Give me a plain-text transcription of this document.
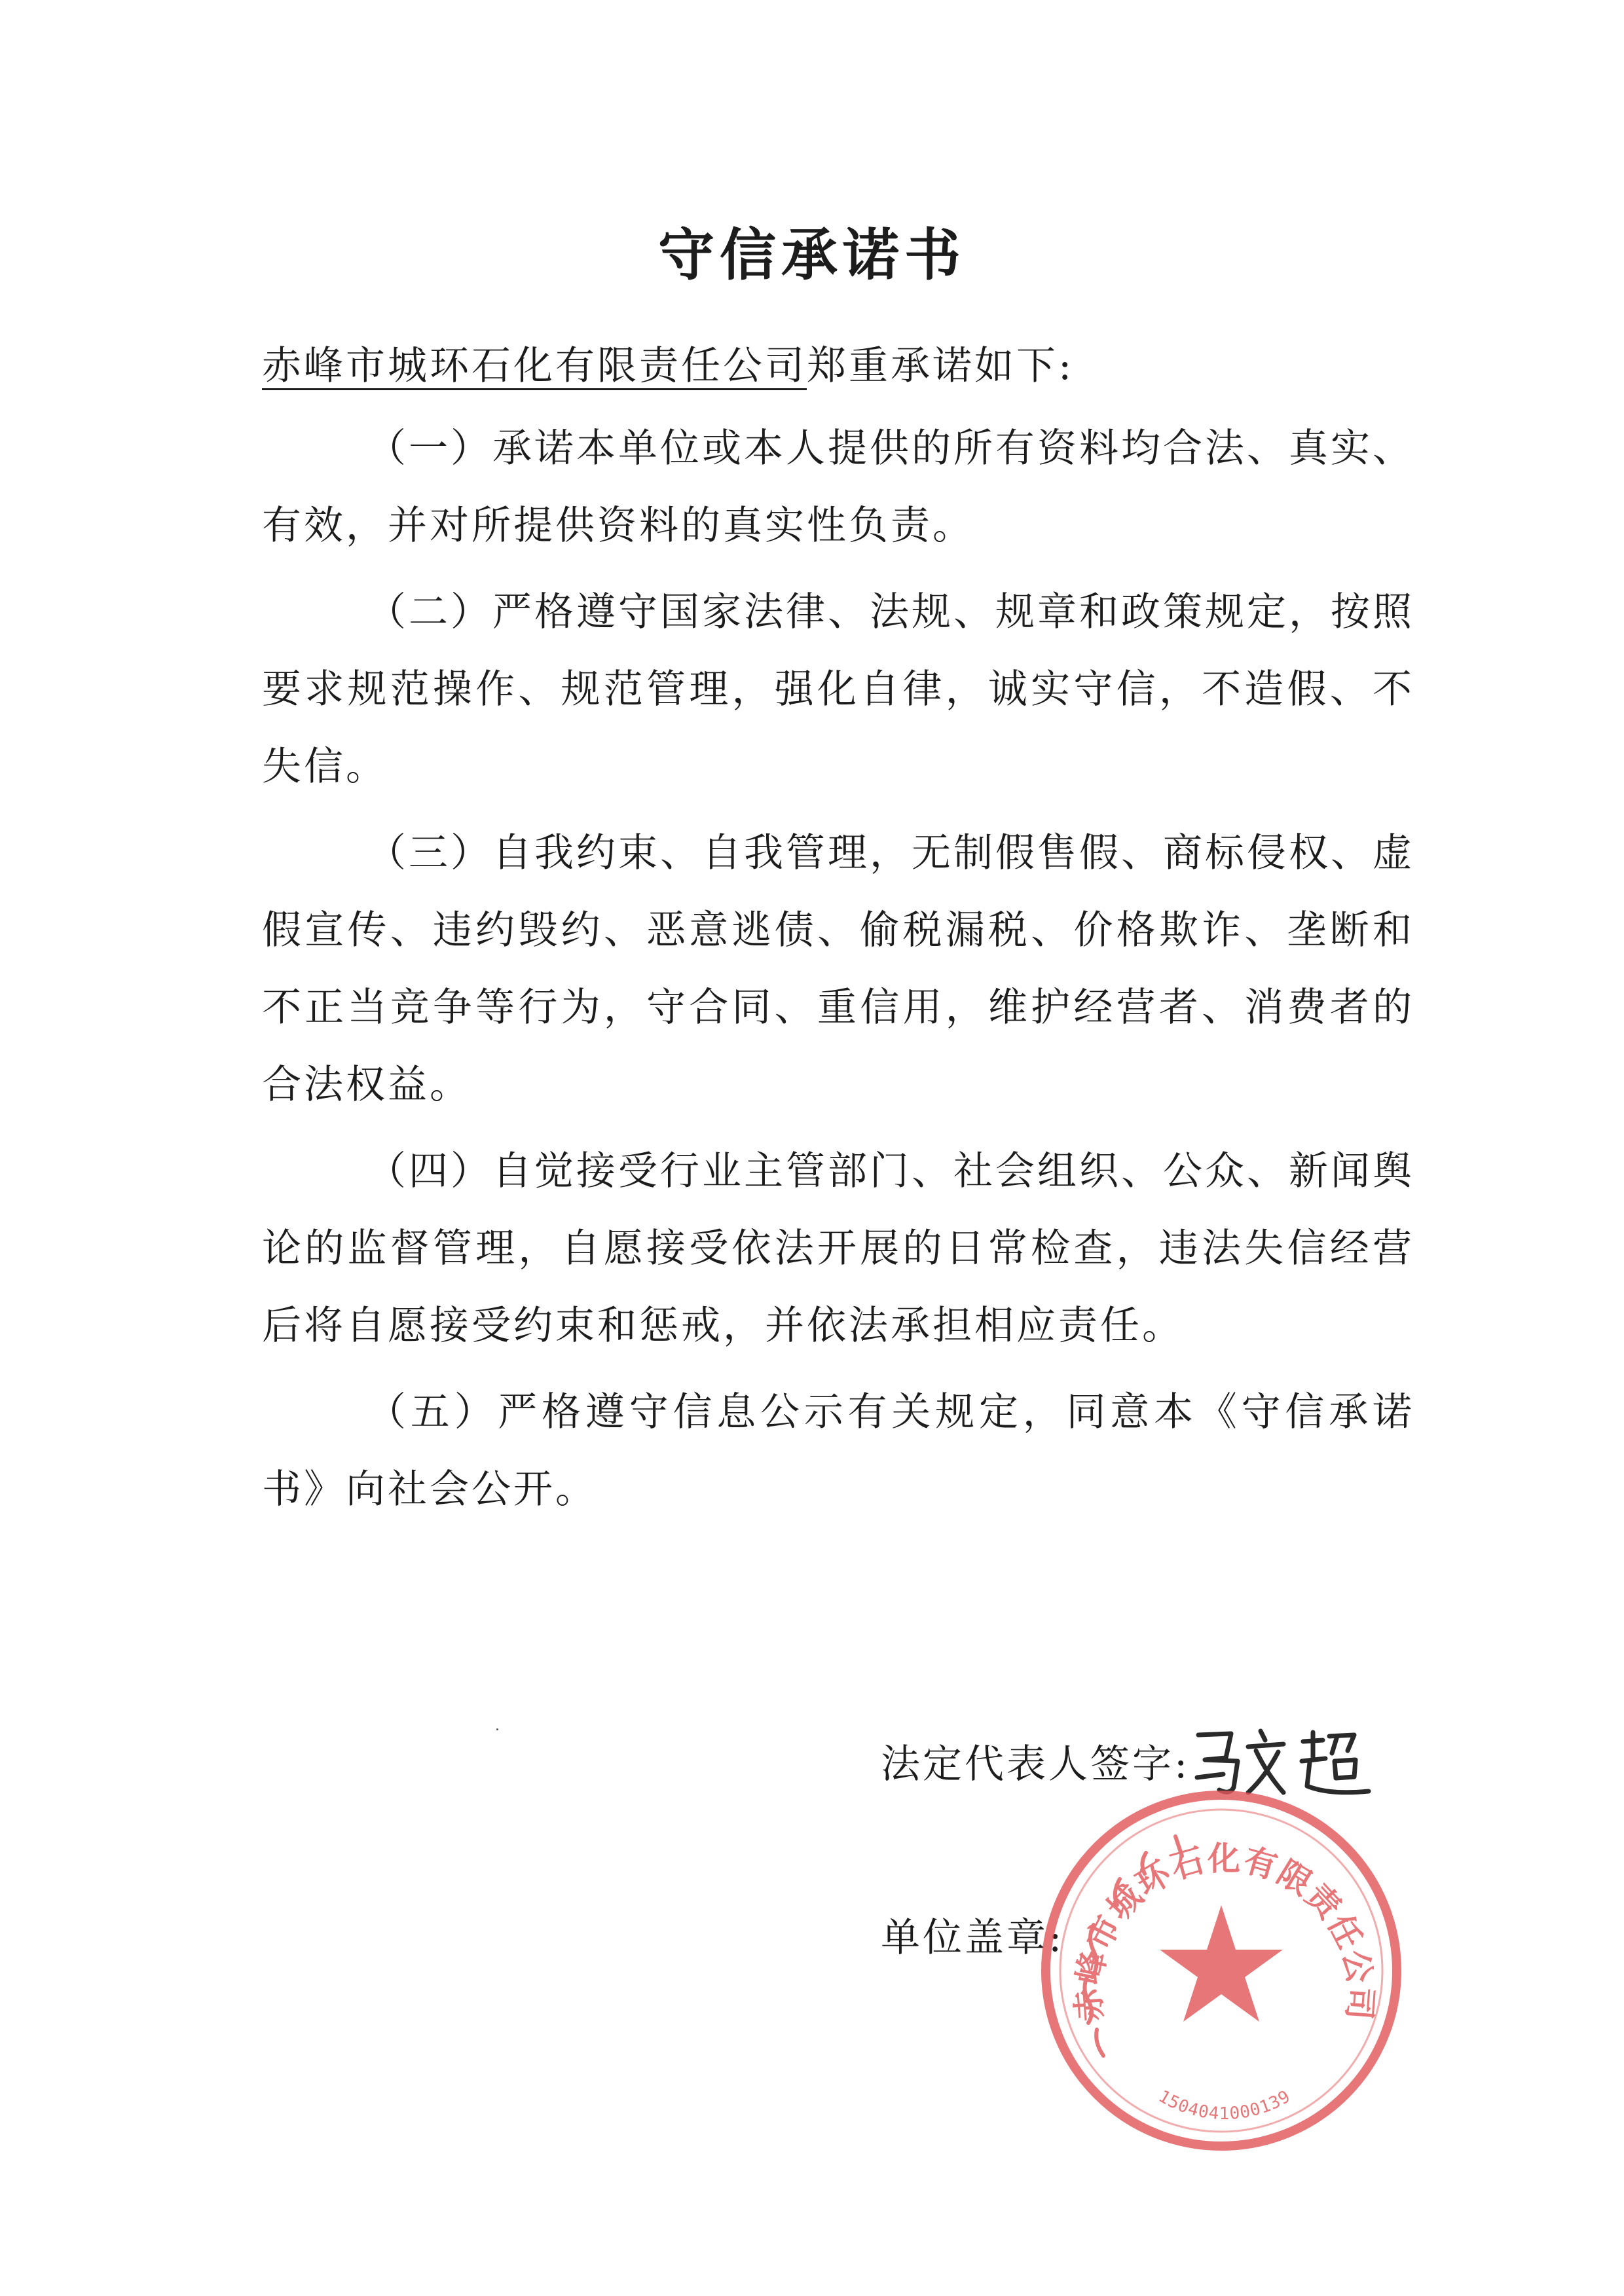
守信承诺书

赤峰市城环石化有限责任公司郑重承诺如下:

（一）承诺本单位或本人提供的所有资料均合法、真实、有效，并对所提供资料的真实性负责。

（二）严格遵守国家法律、法规、规章和政策规定，按照要求规范操作、规范管理，强化自律，诚实守信，不造假、不失信。

（三）自我约束、自我管理，无制假售假、商标侵权、虚假宣传、违约毁约、恶意逃债、偷税漏税、价格欺诈、垄断和不正当竞争等行为，守合同、重信用，维护经营者、消费者的合法权益。

（四）自觉接受行业主管部门、社会组织、公众、新闻舆论的监督管理，自愿接受依法开展的日常检查，违法失信经营后将自愿接受约束和惩戒，并依法承担相应责任。

（五）严格遵守信息公示有关规定，同意本《守信承诺书》向社会公开。

法定代表人签字:
单位盖章:
赤峰市城环石化有限责任公司
1504041000139
